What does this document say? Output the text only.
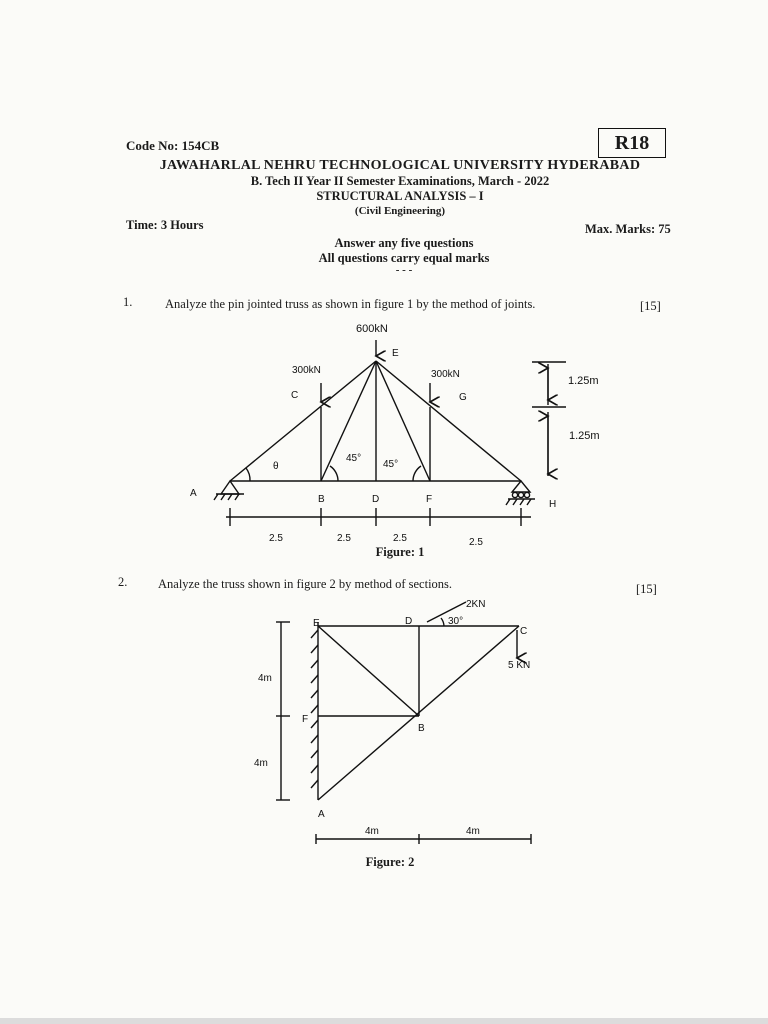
Code No: 154CB	R18
JAWAHARLAL NEHRU TECHNOLOGICAL UNIVERSITY HYDERABAD
B. Tech II Year II Semester Examinations, March - 2022
STRUCTURAL ANALYSIS – I
(Civil Engineering)
Time: 3 Hours	Max. Marks: 75
Answer any five questions
All questions carry equal marks
- - -
1.	Analyze the pin jointed truss as shown in figure 1 by the method of joints.	[15]
600kN
E
300kN	300kN
C	G
1.25m
1.25m
45°
45°
θ
A
B	D	F	H
2.5	2.5	2.5	2.5
Figure: 1
2. Analyze the truss shown in figure 2 by method of sections.	[15]
2KN
30°
E	D
C
5 KN
4m
F
B
4m
A
4m	4m
Figure: 2
